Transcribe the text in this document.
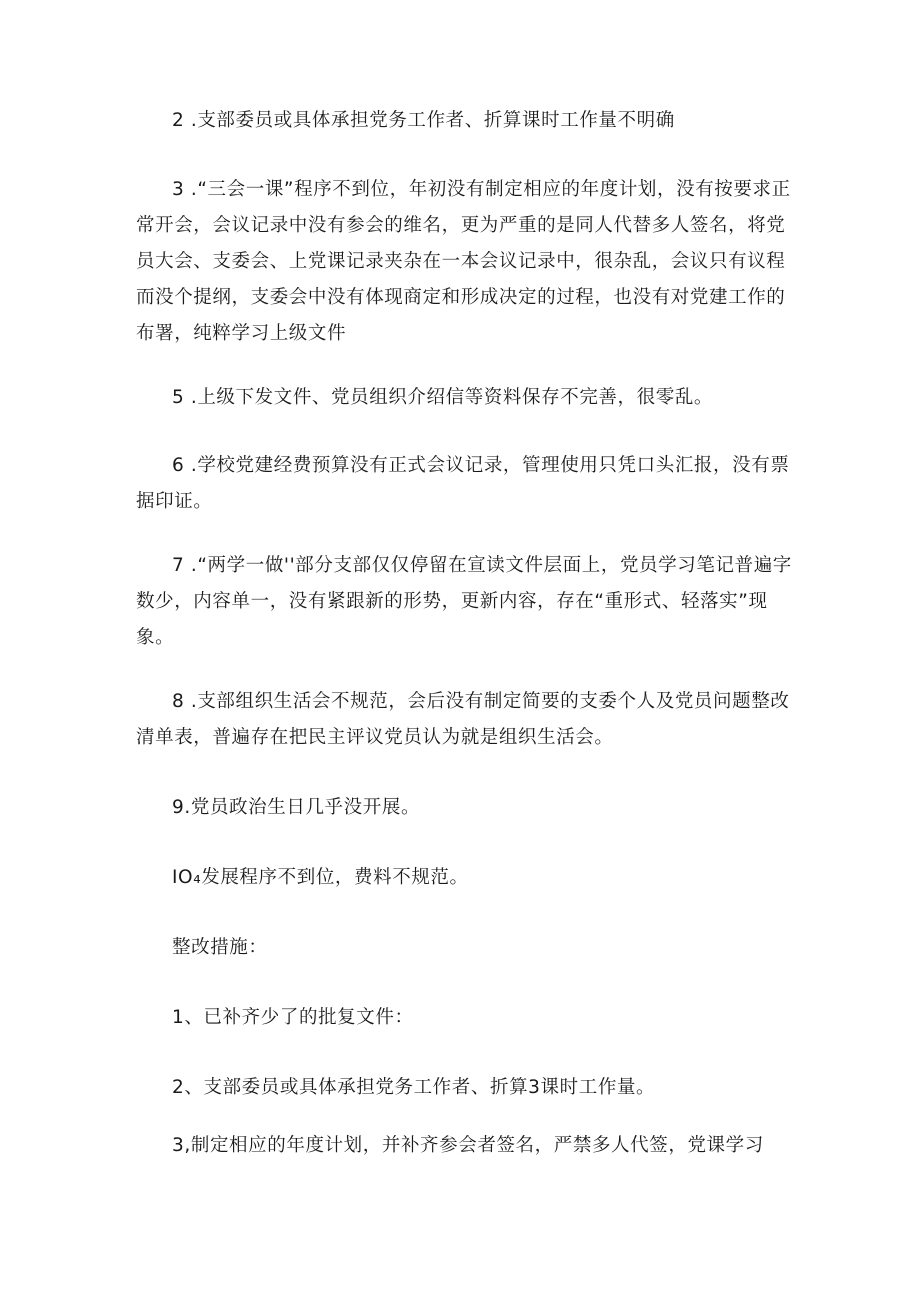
2 .支部委员或具体承担党务工作者、折算课时工作量不明确

3 .“三会一课”程序不到位，年初没有制定相应的年度计划，没有按要求正常开会，会议记录中没有参会的维名，更为严重的是同人代替多人签名，将党员大会、支委会、上党课记录夹杂在一本会议记录中，很杂乱，会议只有议程而没个提纲，支委会中没有体现商定和形成决定的过程，也没有对党建工作的布署，纯粹学习上级文件

5 .上级下发文件、党员组织介绍信等资料保存不完善，很零乱。

6 .学校党建经费预算没有正式会议记录，管理使用只凭口头汇报，没有票据印证。

7 .“两学一做''部分支部仅仅停留在宣读文件层面上，党员学习笔记普遍字数少，内容单一，没有紧跟新的形势，更新内容，存在“重形式、轻落实”现象。

8 .支部组织生活会不规范，会后没有制定简要的支委个人及党员问题整改清单表，普遍存在把民主评议党员认为就是组织生活会。

9.党员政治生日几乎没开展。

IO₄发展程序不到位，费料不规范。

整改措施：

1、已补齐少了的批复文件：

2、支部委员或具体承担党务工作者、折算3课时工作量。

3,制定相应的年度计划，并补齐参会者签名，严禁多人代签，党课学习
